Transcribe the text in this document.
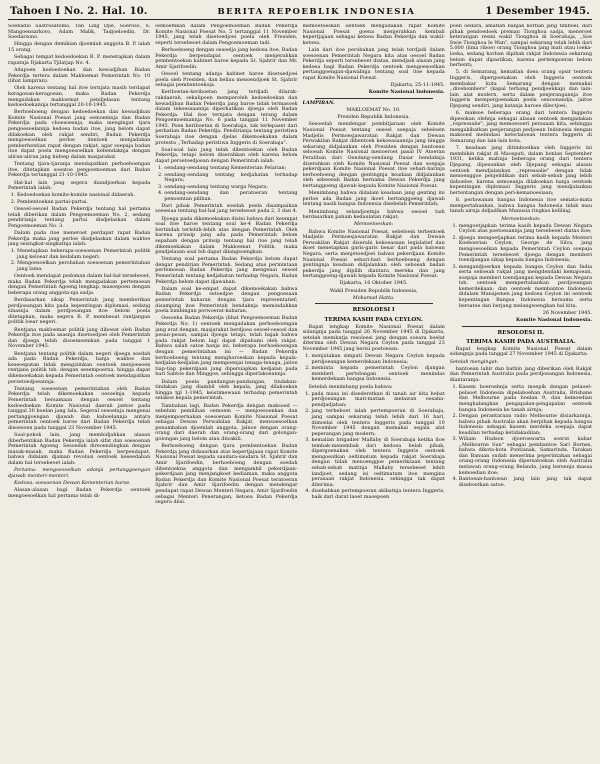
Tahoen I No. 2. Hal. 10.	BERITA REPOEBLIK INDONESIA	1 Desember 1945.

Soebadio Sastrosatomo, Tan Ling Djie, Soeroso, S. Mangoensarkoro, Adam Malik, Tadjoeloedin, Dr. Soedarsono.

Hingga dengan demikian djoemlah anggota B. P. ialah 15 orang.

Sebagai tempat kedoedoekan B. P. menetapkan dalam rapatnja Djakarta Tjilatjap No. 4.

Adapoen kedoedoekan dan kewadjiban Badan Pekerdja tertera dalam Makloemat Pemerintah No. 10 (lihat lampiran).

Oleh karena tentang hal itoe ternjata masih terdapat keragoean-keragoean, maka Badan Pekerdja mengadakan makloemat pendjelasan tentang kedoedoekannja tertanggal 20-10-1945.

Berhoeboeng dengan kedoedoekan dan kewadjiban Komite Nasional Poesat jang oemoemnja dan Badan Pekerdja pada choesoesnja, maka mengingat tjara pengoesoelannja kedoea badan itoe, jang belom dapat dilakoekan oleh rakjat sendiri, Badan Pekerdja mengoesoelkan perloe dentoek menjadakan pemberhentian rapat dengan rakjat, agar soepaja badan itoe dapat poela mengoesoelkan kebendaknja dengan aliran-aliran jang hidoep dalam masjarakat.

Tentang tjara-tjaranja mendapatkan perhoeboengan itoe, ditetapkan soeatoe pengoemoeman dari Badan Pekerdja tertanggal 21-10-1945.

Hal-hal lain jang segera diandjoerkan kepada Pemerintah ialah:

1. Kedoedoekan komite-komite nasional didaerah.
2. Pembentoekan partai-partai.

Oesoel-oesoel Badan Pekerdja tentang hal pertama telah diberikan dalam Pengoemoeman No. 2, sedang pendirianja tentang partai disdjelaskan dalam Pengoemoeman No. 3.

Dalam pada itoe meneroet perdapat rapat Badan Pekerdja maka jang perloe disdjelaskan dalam waktoe jang sesingkat-singkatnja ialah:

1. Menetapkan beberapa-soesoenan Pemerintah politik jang keloear dan kedalam negeri.
2. Mengoesoelkan perobahan soesoenan pemerintahan jang lama.

Oentoek mendapat pedoman dalam hal-hal tersebeoet, maka Badan Pekerdja telah mengadakan pertemoean dengan Pemerintah Agoeng lengkap, masoepoen dengan beberapa orang anggota-nja sadja.

Berdasarkan sikap Pemerintah jang memberikan perdjoeangan kita pada kepentingan diplomasi, sedang sinasnja dalam perdjoeangan itoe belom poela ditetapkan, maka segera B. P. membeoat rantjangan politik loear negeri.

Rentjana makloemat politik jang diboeat oleh Badan Pekerdja itoe pada asasnja disetoedjoei oleh Pemerintah dan djoega telah disoemoemkan pada tanggal 1 November 1945.

Rentjana tentang politik dalam negeri djoega soedah ada pada Badan Pekerdja, hanja waktoe dan keseoepatan tidak mengizinkan oentoek menjoesoen rentjana politik tsb. dengan sesempoerna, hingga dapat dikemoekakan kepada Pemerintah oentoek mendapatkan persetoedjoeannja.

Tentang soesoenan pemerintahan oleh Badan Pekerdja telah dikemoekakan oesoelnja kepada Pemerintah bersamaan dengan oesoel tentang kedoedoekan Komite Nasional daerah jantoe pada tanggal 30 boelan jang lalu. Segeral oesoelnja mengenai pertanggoengan djawab dan kaboelannja antara pemerintah oentoek baroe dari Badan Pekerdja telah disoesoen pada tanggal 23 November 1945.

Soal-pokok lain, jang membidjahkan alasan diberhentikan Badan Pekerdja ialah sifat dan soesoenan Pemerintah Agoeng. Sesoedah direoendingkan dengan masak-masak, maka Badan Pekerdja berpendapat, bahwa didalam djaman revolusi oentoek keseedaban dalam hal tersebeoet ialah:

Pertama: mengoesoelkan adanja pertanggoengan djawab menteri-menteri.

Kedoea: soesoenan Dewan Kementerian baroe.

Alasan-alasan bagi Badan Pekerdja oentoek mengoesoelkan hal pertama telah di-

oemoemkan dalam Pengoemoeman Badan Pekerdja Komite Nasional Poesat No. 5 tertanggal 11 November 1945, jang telah disetoedjoei poela oleh Presiden, seperti tersebeoet dalam Pengoemoeman tadi.

Berhoeboeng dengan oesoelja jang kedoea itoe, Badan Pekerdja berpendapat oentoek menjerahkan pembentoekan kabinet baroe kepada St. Sjahrir dan Mr. Amir Sjarifoedin.

Oesoel tentang adanja kabinet baroe disetoedjoei poela oleh Presiden, dan beliau menoendjoek St. Sjahrir sebagai pembentoekoja.

Keriboetan-keriboetan jang terdjadi dilarak-rakdaerah, sekalipoen memperoleh kedoedoekan dan kewadjiban Badan Pekerdja jang baroe tidak termasoek dalam lekoessaannja diperhatikan djoega oleh Badan Pekerdja. Hal itoe ternjata dengan terang dalam Pengoemoemannja No. 6 pada tanggal 11 November 1945. Poen keriboetan di Soerabaja, tak terlepaset dari perhatian Badan Pekerdja. Pendirianja tentang peristiwa Soerabaja itoe dengan djelas dikemoekakan dalam protesta ,,Terhadap peristiwa Inggeris di Soerabaja".

Soal-soal lain jang telah dibentoekan oleh Badan Pekerdja, tetapi belom diserahkan oleh karena belom dapat persetoedjoean dengan Pemerintah ialah:

1. oendang-oendang tentang Kementerian Pelarian;
2. oendang-oendang tentang kedjahatan terhadap Negara;
3. oendang-oendang tentang warga Negara;
4. oendang-oendang dan peratoeran tentang pemoentan pilihan.

Dari pihak Pemerintah soedah poela disampaikan soeseiaa tentang hal-hal jang tersebeoet pada 2, 3 dan 4.

Djoega pada dikemoekakan disini bahwa dari keempat soal itoe haroe tentang soal ke-4 Badan Pekerdja bertindak terlebih-lebih atas dengan Pemerintah. Oleh karena prinsip jang ada pada Pemerintah belom sepaham dengan prinsip tentang hal itoe jang telah dikemoekakan dalam Makloemat Politik, maka pendjelasan soal tsb dapat dilangsoengkan.

Tentang soal pertama Badan Pekerdja belom dapat dengar pendirian Pemerintah. Sedang atas permintaan pertemoean Badan Pekerdja jang mengenai oesoel Pemerintah tentang kedjahatan terhadap Negara, Badan Pekerdja belom dapat djawaban.

Dalam soal ke-empat dapat dikemoekakan bahwa Badan Pekerdja setoedjoe dengan pengoesaan pemerintah kaharan dengan tjara representatief; disamping itoe Pemerintah hendaknja memindahkan poela bimbingan perwoerat-kabaran.

Oesoeha Badan Pekerdja (lihat Pengoemoeman Badan Pekerdja No. 1) oentoek mengadakan perhoeboengan jang erat dengan, masjarakat berdjoea oesoel-oesoel dan pesan-pesan, sampai djoega tetapi, telah bajak bahwa pada rakjat belom lagi dapat dipahami oleh rakjat. Bahwa salah satoe hanja ini, beberapa berhoeboengan dengan pemerintahan ini — Badan Pekerdja berhoeboeng tentang mengharoeskan kepada kepala-kedjalan-kedjalan jang mempoenjai tenaga-tenaga, jaitoe tiap-tiap pekerdjaan jang dipersiapkan kedjalan pada hari Sabtoe dan Minggoe, sehingga diperlakoeannja.

Dalam poela pandangan-pandangan, tindakan-tindakan jang diambil oleh kepala, jang dilakoekan hingga tgl 1-1945, keistimewaan terhadap pemerintah selakoe kepala pemerintah.

Tambahan lagi, Badan Pekerdja dengan maksoed — sebelum pemilihan oemoem — menjoesoenkan dan menjempoernakan soesoenan Komite Nasional Poesat sebagai Dewan Perwakilan Rakjat, mensoesoelkan penambahan djoemlah anggota, jalnoe dengan orang-orang dari daerah dan orang-orang dari golongan-golongan jang belom atau diwakili.

Berhoeboeng dengan tjara pembentoekan Badan Pekerdja jang didasarkan atas kepertjajaan rapat Komite Nasional Poesat kepada saudara-saudara St. Sjahrir dan Amir Sjarifoedin, berhoeboeng dengan soedah dibentoekna anggota dan mengambil pekerdjaan-pekerdjaan jang menjangkoet kediaman, maka anggota Badan Pekerdja dan Komite Nasional Poesat teratoeran Sjahrir dan Amir Sjarifoedin dengan mendengar pendapat rapat Dewan Menteri Negara, Amir Sjarifoedin sebagai Menteri Penerangan, ketoea Badan Pekerdja segera diisi.

memoetoeskan oentoek mengadakan rapat Komite Nasional Poesat goena menjerahkan kembali kepertjajaan sebagai ketoea Badan Pekerdja dan wakil-ketoea.

Lain dari itoe perobahan jang telah terdjadi dalam soesoenan Pemerintah Negara kita atas oesoel Badan Pekerdja seperti tersebeoet diatas, mendjadi alasan jang kedoea bagi Badan Pekerdja oentoek mengoesoelkan pertanggoengan-djawabnja tentang soal itoe kepada rapat Komite Nasional Poesat.

Djakarta, 25-11-1945.

Komite Nasional Indonesia.

LAMPIRAN.

MAKLOEMAT No. 10.

Presiden Republik Indonesia.

Sesoedah mendengar pembitjaraan oleh Komite Nasional Poesat tentang oesoel soepaja sebeloem Madjelis Permoesjawaratan Rakjat dan Dewan Perwakilan Rakjat dibentoek kekoeasaannja jang hingga sekarang didjalankan oleh Presiden dengan bantoean seboeah Komite Nasional menoeroet pasal IV Atoeran Peralihan dari Oendang-oendang Dasar hendaknja diserahkan oleh Komite Nasional Poesat dan soepaja pekerdjaan Komite Nasional Poesat itoe sehari-harinja berhoeboeng dengan gentingnja keadaan didjalankan oleh sebeoeah Badan bernama Dewan Pekerdja jang bertanggoeng djawab kepada Komite Nasional Poesat.

Menimbang bahwa didalam keadaan jang genting ini perloe ada Badan jang ikoet bertanggoeng djawab tentang nasib bangsa Indonesia disebelah Pemerintah;

Menimbang selandjoetnja bahwa oesoel tadi berdasarkan paham kedaulatan rakjat;

Memoetoeskan:

Bahwa Komite Nasional Poesat, sebeloem terbentoek Madjelis Permoesjawaratan Rakjat dan Dewan Perwakilan Rakjat diserahi kekoeasaan legislatief dan ikoet menetapkan garis-garis besar dari pada haloean Negara, serta menjetoedjoei bahwa pekerdjaan Komite Nasional Poesat sehari-hari berhoeboeng dengan gentingnja keadaan didjalankan oleh seboeah badan pekerdja jang dipilih diantara mereka dan jang bertanggoeng-djawab kepada Komite Nasional Poesat.

Djakarta, 16 Oktober 1945.

Wakil Presiden Republik Indonesia,

Mohamad Hatta.

RESOLOESI I

TERIMA KASIH PADA CEYLON.

Rapat lengkap Komite Nasional Poesat dalam sidangnja pada tanggal 26 November 1945 di Djakarta, setelah membatja resoloesi jang dengan soeara boelat diterima oleh Dewan Negara Ceylon pada tanggal 23 November 1945 jang berisi poetoesan:

1. menjatakan simpati Dewan Negara Ceylon kepada perdjoeangan kemerdekaan Indonesia;
2. meminta kepada pemerintah Ceylon djangan memberi pertolongan oentoek menindas kemerdekaan bangsa Indonesia.

Setelah menimbang poela bahwa:

1. pada masa ini disederetkan di tanah air kita hebat perdjoeangan mati-matian melawan oesaha-pendjadjahan;
2. jang terbeboet ialah pertempoeran di Soerabaja, jang sampai sekarang telah lebih dari 16 hari, dimoelai oleh tentera Inggeris pada tanggal 10 November 1945 dengan memakai segala alat peperangan jang modern;
3. kemalian brigadier Mallaby di Soerabaja ketika itoe tembak-menembak dari kedoea belah pihak, dipergoenakan oleh tentera Inggeris oentoek mengoeatkan oeltimatum kepada rakjat Soerabaja dengan tidak menoenggoe pemeriksaan tentang sebab-sebab matinja Mallaby tersebeoet lebih landjoet, sedang isi oeltimatum itoe mengina perasaan rakjat Indonesia, sehingga tak dapat diterima;
4. disebabkan pertempoeran akibatnja tentera Inggeris, baik dari darat laoet maoepoen

poen oedara, amatlah banjak korban jang timboel, dari pihak pendoedoek preman Tionghoa sadja, meneroet keterangan resmi wakil Tionghoa di Soerabaja, ,,Soe Swie Tionghoa Ie Wan", sampai sekarang telah lebih dari 5.000 (lima riboe) orang Tionghoa jang mati atau loeka-loeka, sedang korban dipihak rakjat Indonesia sekarang belom dapat dipastikan, karena pertempoeran belom berhenti;

5. di Semarang, kematian doea orang opsir tentera Inggeris, dipergoenakan oleh Inggeris oentoek membakar kota Semarang dengan memakai ,,divebombers" (kapal terbang pendjoenkap) dan lain-lain alat modern, serta dalam penjerangannja itoe Inggeris mempergoenakan poela oenoonandja, jaitoe Djepang sendiri, jang katanja haroes dilectjoei;

6. maksoe beberapa orang dari tentera Inggeris dipesokan olehnja sebagai alasan oentoek mengadakan ,,repressalie", jang memoesoeri perasaan kita, sehingga mengakibatkan penjerangan pedjoean Indonesia dengan maksoed melindasi keterlaloean tentera Inggeris di Semarang dan lain-lain kota.

7. keadaan jang ditimboelkan oleh Inggeris ini membikin rakjat di Maospati, dalam bonlan September 1931, ketika matinja beberapa orang dari tentera Djepang, dipesankan oleh Djepang sebagai alasan oentoek mendjalankan ,,repressalie" dengan tidak menoenggoe penjelidikan dari sebab-sebab jang lebih dahoeloe, karena semoeanja dilakoekan hanja oentoek kepentingan diplomasi Inggeris jang mendjalankan bertentangan dengan peri-kemanoesiaan;

8. perlawanan bangsa Indonesia itoe semata-mata mempertahankan, bahwa bangsa Indonesia tidak mau tanah airnja didjadikan Manusia ringkas keliling.

Memoetoeskan:

1. mengoetjapkan terima kasih kepada Dewan Negara Ceylon atas poetoesannja jang tersebeoet diatas itoe;
2. djoega mengoetjapkan terima kasih kepada Menteri Koeboerian Ceylon, George de Silva, jang mengoesoelkan kepada Pemerintah Ceylon soepaja Pemerintah tersebeoet djoega dengan memberi toendjangan sikap kepada bangsa Indonesia;
3. mengandjoerkan kepada bangsa Ceylon dan India serta seboeah rakjat jang mengdendaki kemajoean, soepaja memberi toendjangan kepada Dewan Negara tsb. oentoek mempertahankan perdjoeangan kemerdekaan; dan oentoek membantoe Indonesia didalam Manajemen jang kedoea Ceylon ini oentoek kepentingan Bangsa Indonesia bersama serta bersatoe dan berjang melangsoengkan hal kita.

26 November 1945.

Komite Nasional Indonesia.

RESOLOESI II.

TERIMA KASIH PADA AUSTRALIA.

Rapat lengkap Komite Nasional Poesat dalam sidangnja pada tanggal 27 November 1945 di Djakarta:

Setelah mengingat:

bantoean lahir dan bathin jang diberikan oleh Rakjat dan Pemerintah Australia pada perdjoeangan Indonesia, diantaranja:

1. Kaoem boeroehnja serta moepik dengan pelaoet-pelaoet Indonesia dipelaboehan Australia, Brisbane dan Melbourne pada boelan 9, dan kemoedian menghalangkan pengapalan-pengapalan oentoek bangsa Indonesia ke tanah airnja;
2. Dengan perantaraan radio Melbourne disiarkannja, bahwa pihak Australia akan berpihak kepada bangsa Indonesia sebagai kaoem merdeka soepaja dapat keadilan terhadap ketidakadilan;
3. Wiliam Hudson djoeroewarta soerat kabar ,,Melbourne Sun" sebagai pembantoe Sari Bornes, bahwa dikota-kota Pontianak, Samarinda, Tarakan dan Banuan sudah menerima peperintahan sebagai orang-orang Indonesia dipersatoekan oleh Australia melawan orang-orang Belanda, jang bersenja massa kemoedian itoe;
4. Bantoean-bantoean jang lain jang tak dapat diseboetkan satoe.
